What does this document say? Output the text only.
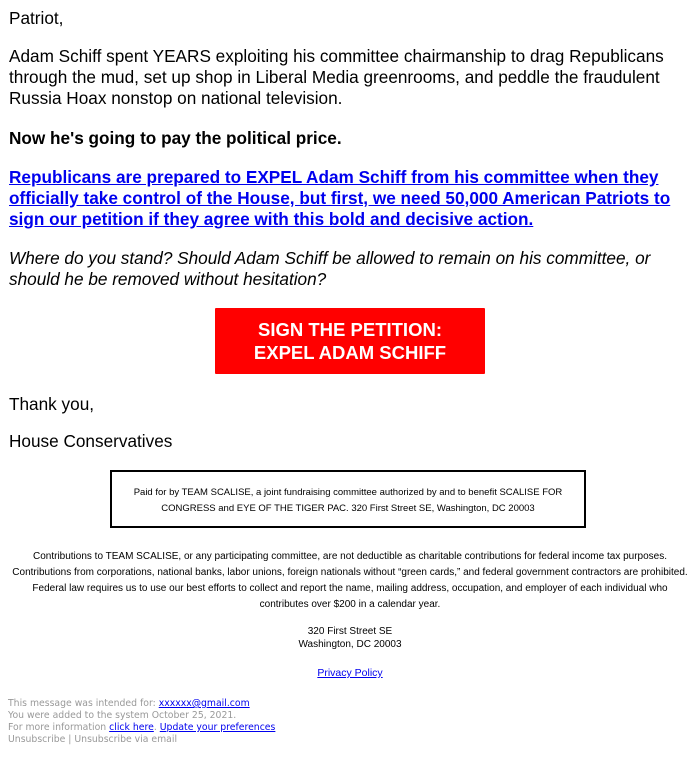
Patriot,

Adam Schiff spent YEARS exploiting his committee chairmanship to drag Republicans through the mud, set up shop in Liberal Media greenrooms, and peddle the fraudulent Russia Hoax nonstop on national television.

Now he's going to pay the political price.

Republicans are prepared to EXPEL Adam Schiff from his committee when they officially take control of the House, but first, we need 50,000 American Patriots to sign our petition if they agree with this bold and decisive action.

Where do you stand? Should Adam Schiff be allowed to remain on his committee, or should he be removed without hesitation?

SIGN THE PETITION:
EXPEL ADAM SCHIFF

Thank you,

House Conservatives

Paid for by TEAM SCALISE, a joint fundraising committee authorized by and to benefit SCALISE FOR CONGRESS and EYE OF THE TIGER PAC. 320 First Street SE, Washington, DC 20003

Contributions to TEAM SCALISE, or any participating committee, are not deductible as charitable contributions for federal income tax purposes. Contributions from corporations, national banks, labor unions, foreign nationals without “green cards,” and federal government contractors are prohibited. Federal law requires us to use our best efforts to collect and report the name, mailing address, occupation, and employer of each individual who contributes over $200 in a calendar year.

320 First Street SE
Washington, DC 20003
Privacy Policy
This message was intended for: xxxxxx@gmail.com
You were added to the system October 25, 2021.
For more information click here. Update your preferences
Unsubscribe | Unsubscribe via email
